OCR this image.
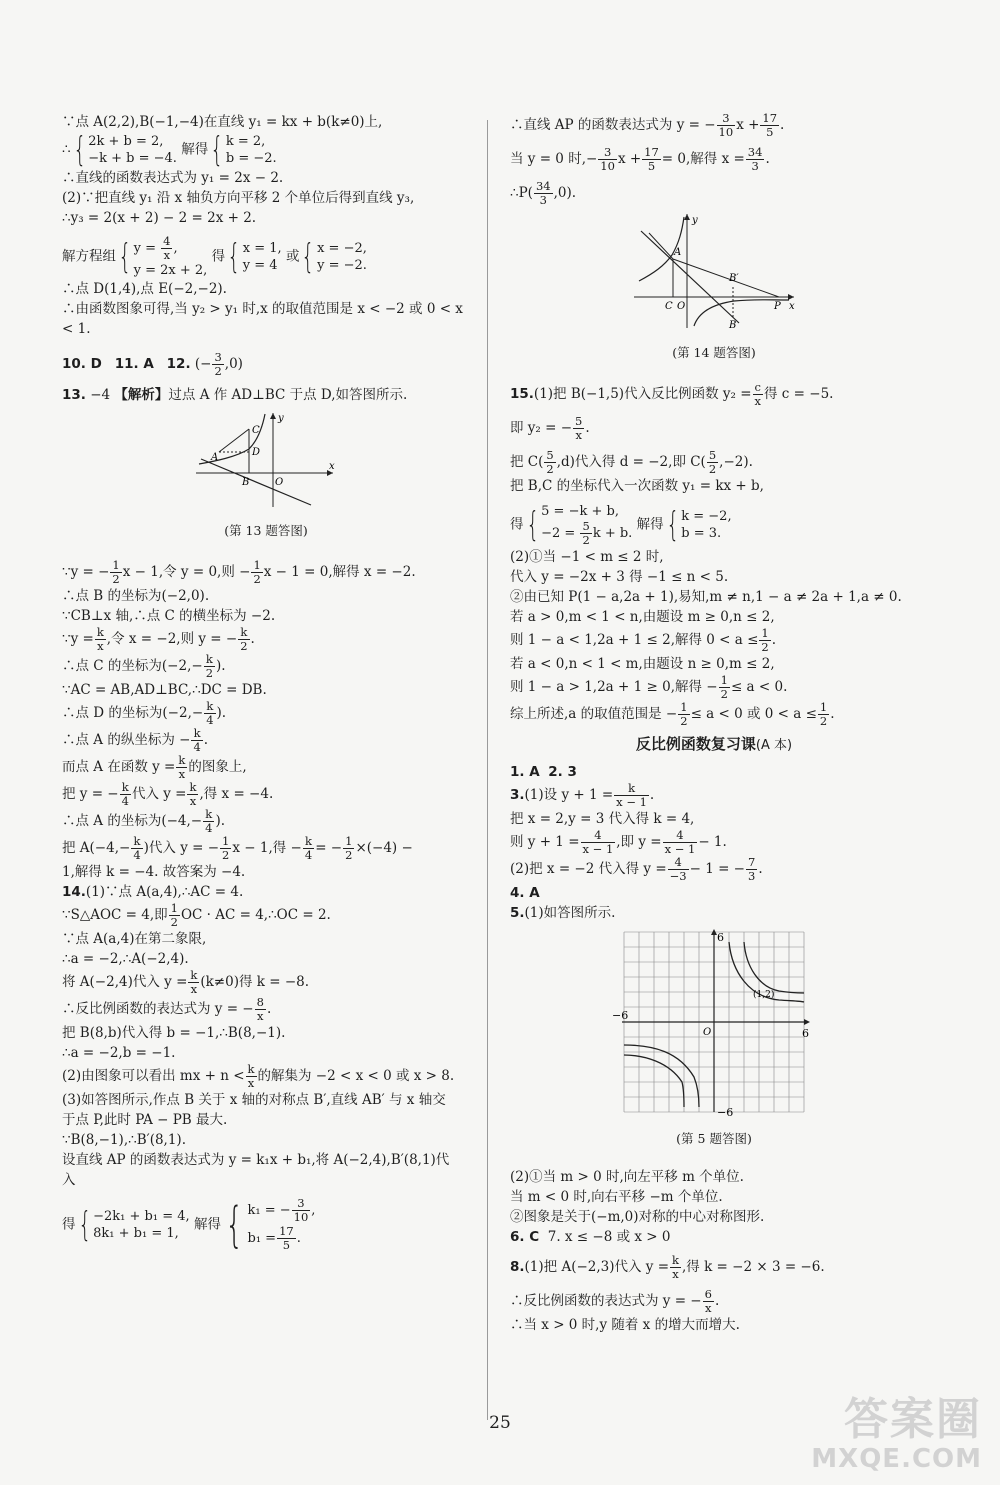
∵点 A(2,2),B(−1,−4)在直线 y₁ = kx + b(k≠0)上,

∴{ 2k + b = 2,
−k + b = −4. 解得{ k = 2,
b = −2.

∴直线的函数表达式为 y₁ = 2x − 2.

(2)∵把直线 y₁ 沿 x 轴负方向平移 2 个单位后得到直线 y₃,

∴y₃ = 2(x + 2) − 2 = 2x + 2.

解方程组{ $y = \frac{4}{x}$ ,
y = 2x + 2, 得{ x = 1,
y = 4 或{ x = −2,
y = −2.

∴点 D(1,4),点 E(−2,−2).

∴由函数图象可得,当 y₂ > y₁ 时,x 的取值范围是 x < −2 或 0 < x

< 1.

10. D 11. A 12. (− $\frac{3}{2} ,0$)

13. −4 【解析】过点 A 作 AD⊥BC 于点 D,如答图所示.

y
x
C
D
A
B	O

(第 13 题答图)

∵y = − $\frac{1}{2}$ x − 1,令 y = 0,则 − $\frac{1}{2}$ x − 1 = 0,解得 x = −2.

∴点 B 的坐标为(−2,0).

∵CB⊥x 轴,∴点 C 的横坐标为 −2.

∵y = $\frac{k}{x}$ ,令 x = −2,则 y = − $\frac{k}{2}$ .

∴点 C 的坐标为($-2,- \frac{k}{2}$ ).

∵AC = AB,AD⊥BC,∴DC = DB.

∴点 D 的坐标为($-2,- \frac{k}{4}$ ).

∴点 A 的纵坐标为 − $\frac{k}{4}$ .

而点 A 在函数 $y = \frac{k}{x}$ 的图象上,

把 y = − $\frac{k}{4}$ 代入 $y = \frac{k}{x}$ ,得 x = −4.

∴点 A 的坐标为($-4,- \frac{k}{4}$ ).

把 $A(-4,- \frac{k}{4}$ )代入 y = − $\frac{1}{2}$ x − 1,得 − $\frac{k}{4}$ = − $\frac{1}{2} \times(-4)$ −

1,解得 k = −4. 故答案为 −4.

14.(1)∵点 A(a,4),∴AC = 4.

∵S△AOC = 4,即 $\frac{1}{2}$ OC · AC = 4,∴OC = 2.

∵点 A(a,4)在第二象限,

∴a = −2,∴A(−2,4).

将 A(−2,4)代入 $y = \frac{k}{x} (k\ne 0)$得 k = −8.

∴反比例函数的表达式为 y = − $\frac{8}{x}$ .

把 B(8,b)代入得 b = −1,∴B(8,−1).

∴a = −2,b = −1.

(2)由图象可以看出 mx + $n < \frac{k}{x}$ 的解集为 −2 < x < 0 或 x > 8.

(3)如答图所示,作点 B 关于 x 轴的对称点 B′,直线 AB′ 与 x 轴交

于点 P,此时 PA − PB 最大.

∵B(8,−1),∴B′(8,1).

设直线 AP 的函数表达式为 y = k₁x + b₁,将 A(−2,4),B′(8,1)代

入

得{ −2k₁ + b₁ = 4,
8k₁ + b₁ = 1, 解得{ k₁ = − $\frac{3}{10}$ ,
$b_1 = \frac{17}{5}$ .

∴直线 AP 的函数表达式为 y = − $\frac{3}{10}$ $x + \frac{17}{5}$ .

当 y = 0 时,− $\frac{3}{10}$ $x + \frac{17}{5} = 0$,解得 $x = \frac{34}{3}$ .

∴P( $\frac{34}{3} ,0$).

y
x
A
B′
B
C O	P

(第 14 题答图)

15.(1)把 B(−1,5)代入反比例函数 $y_2 = \frac{c}{x}$ 得 c = −5.

即 y₂ = − $\frac{5}{x}$ .

把 $C( \frac{5}{2} ,d)$代入得 d = −2,即 $C( \frac{5}{2} ,-2)$.

把 B,C 的坐标代入一次函数 y₁ = kx + b,

得{ 5 = −k + b,
$-2 = \frac{5}{2}$ k + b. 解得{ k = −2,
b = 3.

(2)①当 −1 < m ≤ 2 时,

代入 y = −2x + 3 得 −1 ≤ n < 5.

②由已知 P(1 − a,2a + 1),易知,m ≠ n,1 − a ≠ 2a + 1,a ≠ 0.

若 a > 0,m < 1 < n,由题设 m ≥ 0,n ≤ 2,

则 1 − a < 1,2a + 1 ≤ 2,解得 $0 < a \le \frac{1}{2}$ .

若 a < 0,n < 1 < m,由题设 n ≥ 0,m ≤ 2,

则 1 − a > 1,2a + 1 ≥ 0,解得 − $\frac{1}{2} \le a < 0$.

综上所述,a 的取值范围是 − $\frac{1}{2} \le a < 0$ 或 $0 < a \le \frac{1}{2}$ .

反比例函数复习课(A 本)

1. A 2. 3

3.(1)设 $y + 1 = \frac{k}{x - 1}$ .

把 x = 2,y = 3 代入得 k = 4,

则 $y + 1 = \frac{4}{x - 1}$ ,即 $y = \frac{4}{x - 1} - 1$.

(2)把 x = −2 代入得 $y = \frac{4}{-3} - 1$ = − $\frac{7}{3}$ .

4. A

5.(1)如答图所示.

6
−6
6
−6
O
(1,2)

(第 5 题答图)

(2)①当 m > 0 时,向左平移 m 个单位.

当 m < 0 时,向右平移 −m 个单位.

②图象是关于(−m,0)对称的中心对称图形.

6. C 7. x ≤ −8 或 x > 0

8.(1)把 A(−2,3)代入 $y = \frac{k}{x}$ ,得 k = −2 × 3 = −6.

∴反比例函数的表达式为 y = − $\frac{6}{x}$ .

∴当 x > 0 时,y 随着 x 的增大而增大.

25	答案圈
MXQE.COM
